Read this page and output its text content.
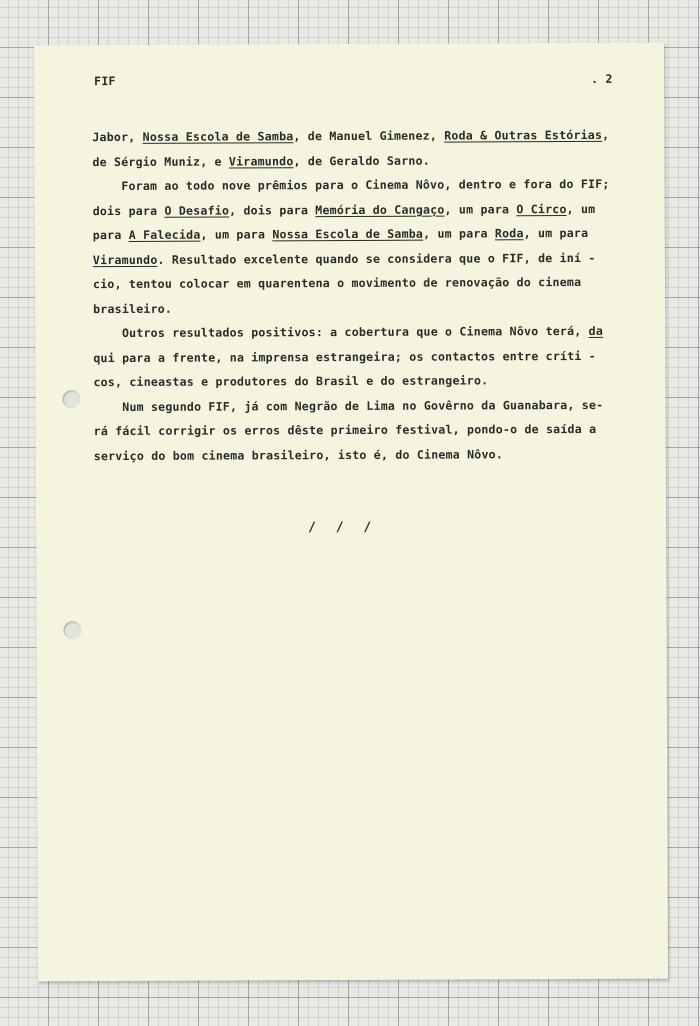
FIF	. 2
Jabor, Nossa Escola de Samba, de Manuel Gimenez, Roda & Outras Estórias,
de Sérgio Muniz, e Viramundo, de Geraldo Sarno.
Foram ao todo nove prêmios para o Cinema Nôvo, dentro e fora do FIF;
dois para O Desafio, dois para Memória do Cangaço, um para O Circo, um
para A Falecida, um para Nossa Escola de Samba, um para Roda, um para
Viramundo. Resultado excelente quando se considera que o FIF, de iní -
cio, tentou colocar em quarentena o movimento de renovação do cinema
brasileiro.
Outros resultados positivos: a cobertura que o Cinema Nôvo terá, da
qui para a frente, na imprensa estrangeira; os contactos entre críti -
cos, cineastas e produtores do Brasil e do estrangeiro.
Num segundo FIF, já com Negrão de Lima no Govêrno da Guanabara, se-
rá fácil corrigir os erros dêste primeiro festival, pondo-o de saída a
serviço do bom cinema brasileiro, isto é, do Cinema Nôvo.
/ / /
